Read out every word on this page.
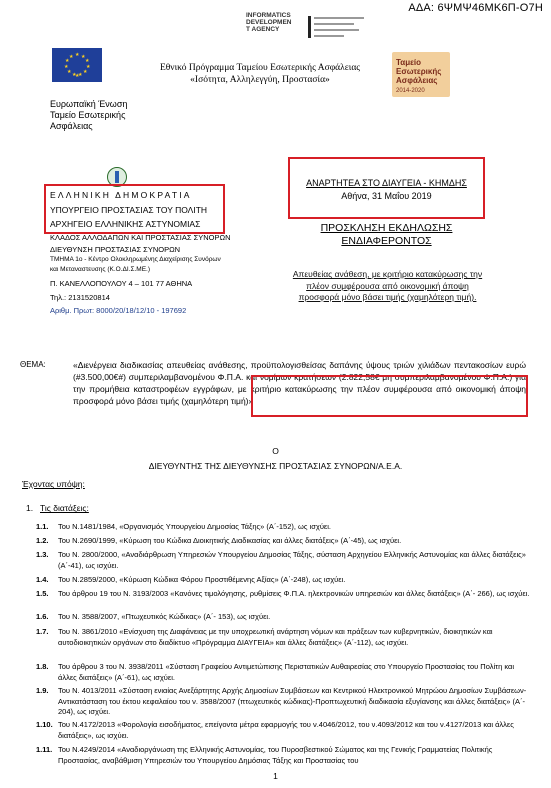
ΑΔΑ: 6ΨΜΨ46ΜΚ6Π-Ο7Η
INFORMATICS
DEVELOPMEN
T AGENCY
★ ★
★
★
★
★
★
★
★
★
★
★
Ευρωπαϊκή Ένωση
Ταμείο Εσωτερικής
Ασφάλειας
Εθνικό Πρόγραμμα Ταμείου Εσωτερικής Ασφάλειας
«Ισότητα, Αλληλεγγύη, Προστασία»
Ταμείο
Εσωτερικής
Ασφάλειας
2014-2020
ΕΛΛΗΝΙΚΗ ΔΗΜΟΚΡΑΤΙΑ
ΥΠΟΥΡΓΕΙΟ ΠΡΟΣΤΑΣΙΑΣ ΤΟΥ ΠΟΛΙΤΗ
ΑΡΧΗΓΕΙΟ ΕΛΛΗΝΙΚΗΣ ΑΣΤΥΝΟΜΙΑΣ
ΚΛΑΔΟΣ ΑΛΛΟΔΑΠΩΝ ΚΑΙ ΠΡΟΣΤΑΣΙΑΣ ΣΥΝΟΡΩΝ
ΔΙΕΥΘΥΝΣΗ ΠΡΟΣΤΑΣΙΑΣ ΣΥΝΟΡΩΝ
ΤΜΗΜΑ 1ο - Κέντρο Ολοκληρωμένης Διαχείρισης Συνόρων
και Μεταναστευσης (Κ.Ο.ΔΙ.Σ.ΜΕ.)
Π. ΚΑΝΕΛΛΟΠΟΥΛΟΥ 4 – 101 77 ΑΘΗΝΑ
Τηλ.: 2131520814
Αριθμ. Πρωτ: 8000/20/18/12/10 - 197692
ΑΝΑΡΤΗΤΕΑ ΣΤΟ ΔΙΑΥΓΕΙΑ - ΚΗΜΔΗΣ
Αθήνα, 31 Μαΐου 2019
ΠΡΟΣΚΛΗΣΗ ΕΚΔΗΛΩΣΗΣ
ΕΝΔΙΑΦΕΡΟΝΤΟΣ
Απευθείας ανάθεση, με κριτήριο κατακύρωσης την πλέον συμφέρουσα από οικονομική άποψη προσφορά μόνο βάσει τιμής (χαμηλότερη τιμή).
ΘΕΜΑ:	«Διενέργεια διαδικασίας απευθείας ανάθεσης, προϋπολογισθείσας δαπάνης ύψους τριών χιλιάδων πεντακοσίων ευρώ (#3.500,00€#) συμπεριλαμβανομένου Φ.Π.Α. και νομίμων κρατήσεων (2.822,58€ μη συμπεριλαμβανομένου Φ.Π.Α.) για την προμήθεια καταστροφέων εγγράφων, με κριτήριο κατακύρωσης την πλέον συμφέρουσα από οικονομική άποψη προσφορά μόνο βάσει τιμής (χαμηλότερη τιμή)»
Ο
ΔΙΕΥΘΥΝΤΗΣ ΤΗΣ ΔΙΕΥΘΥΝΣΗΣ ΠΡΟΣΤΑΣΙΑΣ ΣΥΝΟΡΩΝ/Α.Ε.Α.
Έχοντας υπόψη:
1. Τις διατάξεις:
1.1. Του Ν.1481/1984, «Οργανισμός Υπουργείου Δημοσίας Τάξης» (Α΄-152), ως ισχύει.
1.2. Του Ν.2690/1999, «Κύρωση του Κώδικα Διοικητικής Διαδικασίας και άλλες διατάξεις» (Α΄-45), ως ισχύει.
1.3. Του Ν. 2800/2000, «Αναδιάρθρωση Υπηρεσιών Υπουργείου Δημοσίας Τάξης, σύσταση Αρχηγείου Ελληνικής Αστυνομίας και άλλες διατάξεις» (Α΄-41), ως ισχύει.
1.4. Του Ν.2859/2000, «Κύρωση Κώδικα Φόρου Προστιθέμενης Αξίας» (Α΄-248), ως ισχύει.
1.5. Του άρθρου 19 του Ν. 3193/2003 «Κανόνες τιμολόγησης, ρυθμίσεις Φ.Π.Α. ηλεκτρονικών υπηρεσιών και άλλες διατάξεις» (Α΄- 266), ως ισχύει.
1.6. Του Ν. 3588/2007, «Πτωχευτικός Κώδικας» (Α΄- 153), ως ισχύει.
1.7. Του Ν. 3861/2010 «Ενίσχυση της Διαφάνειας με την υποχρεωτική ανάρτηση νόμων και πράξεων των κυβερνητικών, διοικητικών και αυτοδιοικητικών οργάνων στο διαδίκτυο «Πρόγραμμα ΔΙΑΥΓΕΙΑ» και άλλες διατάξεις» (Α΄-112), ως ισχύει.
1.8. Του άρθρου 3 του Ν. 3938/2011 «Σύσταση Γραφείου Αντιμετώπισης Περιστατικών Αυθαιρεσίας στο Υπουργείο Προστασίας του Πολίτη και άλλες διατάξεις» (Α΄-61), ως ισχύει.
1.9. Του Ν. 4013/2011 «Σύσταση ενιαίας Ανεξάρτητης Αρχής Δημοσίων Συμβάσεων και Κεντρικού Ηλεκτρονικού Μητρώου Δημοσίων Συμβάσεων- Αντικατάσταση του έκτου κεφαλαίου του ν. 3588/2007 (πτωχευτικός κώδικας)-Προπτωχευτική διαδικασία εξυγίανσης και άλλες διατάξεις» (Α΄- 204), ως ισχύει.
1.10. Του Ν.4172/2013 «Φορολογία εισοδήματος, επείγοντα μέτρα εφαρμογής του ν.4046/2012, του ν.4093/2012 και του ν.4127/2013 και άλλες διατάξεις», ως ισχύει.
1.11. Του Ν.4249/2014 «Αναδιοργάνωση της Ελληνικής Αστυνομίας, του Πυροσβεστικού Σώματος και της Γενικής Γραμματείας Πολιτικής Προστασίας, αναβάθμιση Υπηρεσιών του Υπουργείου Δημόσιας Τάξης και Προστασίας του
1
